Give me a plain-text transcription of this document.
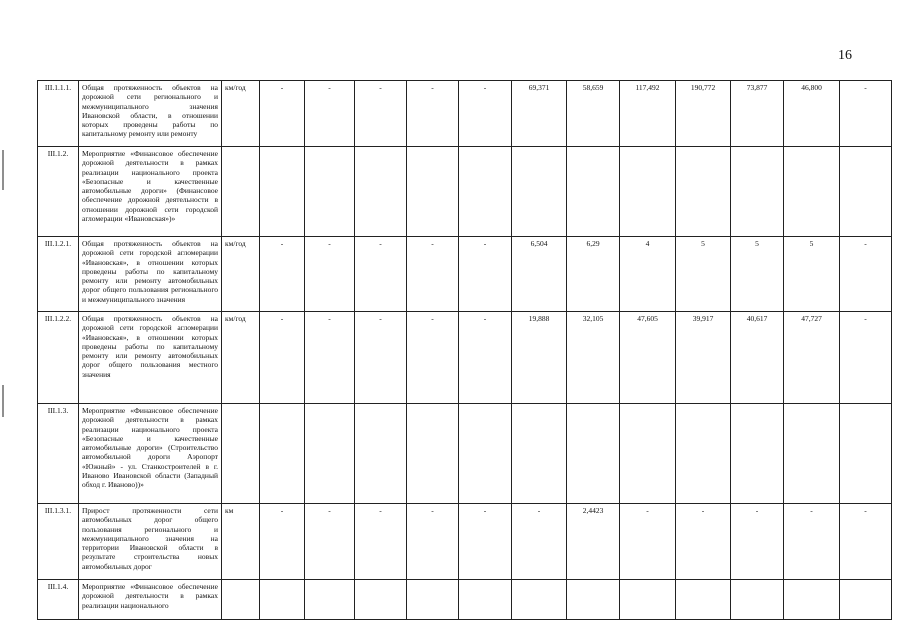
16
III.1.1.1.	Общая протяженность объектов на дорожной сети регионального и межмуниципального значения Ивановской области, в отношении которых проведены работы по капитальному ремонту или ремонту	км/год	-	-	-	-	-	69,371	58,659	117,492	190,772	73,877	46,800	-
III.1.2.	Мероприятие «Финансовое обеспечение дорожной деятельности в рамках реализации национального проекта «Безопасные и качественные автомобильные дороги» (Финансовое обеспечение дорожной деятельности в отношении дорожной сети городской агломерации «Ивановская»)»													
III.1.2.1.	Общая протяженность объектов на дорожной сети городской агломерации «Ивановская», в отношении которых проведены работы по капитальному ремонту или ремонту автомобильных дорог общего пользования регионального и межмуниципального значения	км/год	-	-	-	-	-	6,504	6,29	4	5	5	5	-
III.1.2.2.	Общая протяженность объектов на дорожной сети городской агломерации «Ивановская», в отношении которых проведены работы по капитальному ремонту или ремонту автомобильных дорог общего пользования местного значения	км/год	-	-	-	-	-	19,888	32,105	47,605	39,917	40,617	47,727	-
III.1.3.	Мероприятие «Финансовое обеспечение дорожной деятельности в рамках реализации национального проекта «Безопасные и качественные автомобильные дороги» (Строительство автомобильной дороги Аэропорт «Южный» - ул. Станкостроителей в г. Иваново Ивановской области (Западный обход г. Иваново))»													
III.1.3.1.	Прирост протяженности сети автомобильных дорог общего пользования регионального и межмуниципального значения на территории Ивановской области в результате строительства новых автомобильных дорог	км	-	-	-	-	-	-	2,4423	-	-	-	-	-
III.1.4.	Мероприятие «Финансовое обеспечение дорожной деятельности в рамках реализации национального													
